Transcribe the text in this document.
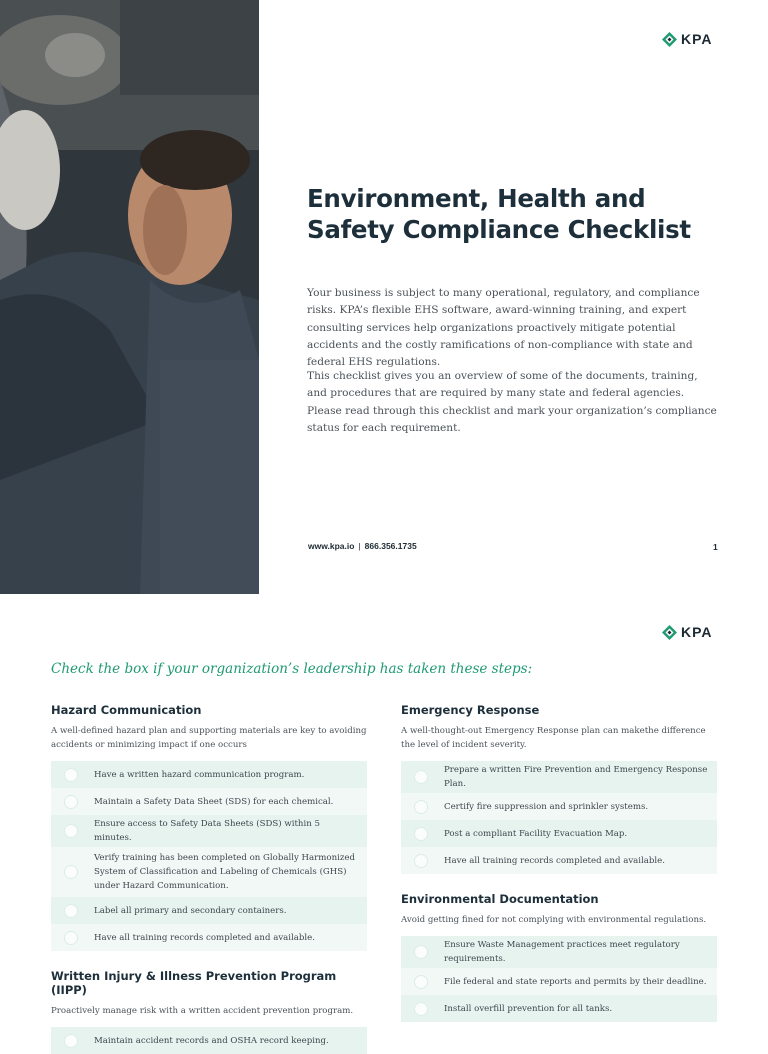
KPA
Environment, Health and Safety Compliance Checklist

Your business is subject to many operational, regulatory, and compliance risks. KPA’s flexible EHS software, award-winning training, and expert consulting services help organizations proactively mitigate potential accidents and the costly ramifications of non-compliance with state and federal EHS regulations.

This checklist gives you an overview of some of the documents, training, and procedures that are required by many state and federal agencies. Please read through this checklist and mark your organization’s compliance status for each requirement.

www.kpa.io | 866.356.1735	1
KPA
Check the box if your organization’s leadership has taken these steps:
Hazard Communication

A well-defined hazard plan and supporting materials are key to avoiding accidents or minimizing impact if one occurs

Have a written hazard communication program.
Maintain a Safety Data Sheet (SDS) for each chemical.
Ensure access to Safety Data Sheets (SDS) within 5 minutes.
Verify training has been completed on Globally Harmonized System of Classification and Labeling of Chemicals (GHS) under Hazard Communication.
Label all primary and secondary containers.
Have all training records completed and available.
Written Injury & Illness Prevention Program (IIPP)

Proactively manage risk with a written accident prevention program.

Maintain accident records and OSHA record keeping.
Emergency Response

A well-thought-out Emergency Response plan can makethe difference the level of incident severity.

Prepare a written Fire Prevention and Emergency Response Plan.
Certify fire suppression and sprinkler systems.
Post a compliant Facility Evacuation Map.
Have all training records completed and available.
Environmental Documentation

Avoid getting fined for not complying with environmental regulations.

Ensure Waste Management practices meet regulatory requirements.
File federal and state reports and permits by their deadline.
Install overfill prevention for all tanks.
